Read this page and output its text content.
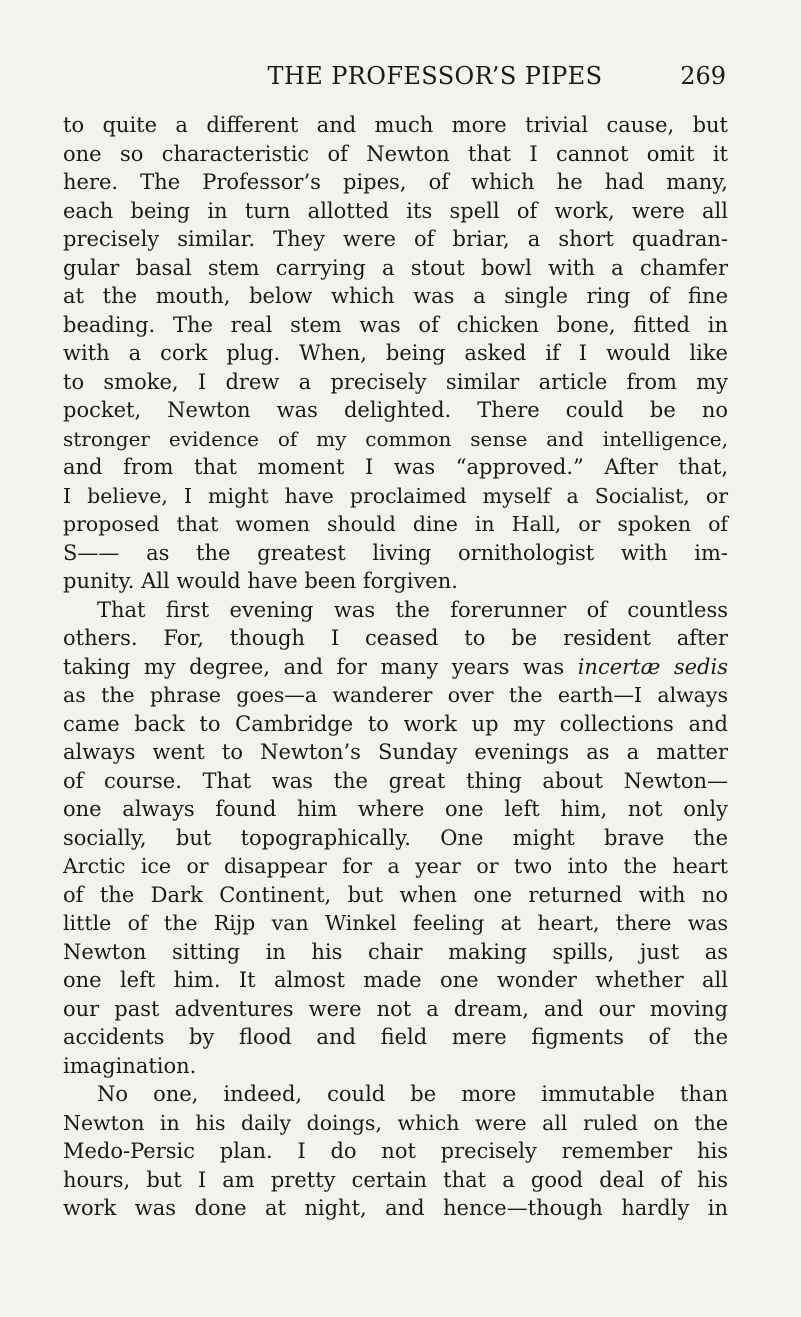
THE PROFESSOR’S PIPES	269
to quite a different and much more trivial cause, but
one so characteristic of Newton that I cannot omit it
here. The Professor’s pipes, of which he had many,
each being in turn allotted its spell of work, were all
precisely similar. They were of briar, a short quadran-
gular basal stem carrying a stout bowl with a chamfer
at the mouth, below which was a single ring of fine
beading. The real stem was of chicken bone, fitted in
with a cork plug. When, being asked if I would like
to smoke, I drew a precisely similar article from my
pocket, Newton was delighted. There could be no
stronger evidence of my common sense and intelligence,
and from that moment I was “approved.” After that,
I believe, I might have proclaimed myself a Socialist, or
proposed that women should dine in Hall, or spoken of
S—— as the greatest living ornithologist with im-
punity. All would have been forgiven.
That first evening was the forerunner of countless
others. For, though I ceased to be resident after
taking my degree, and for many years was incertæ sedis
as the phrase goes—a wanderer over the earth—I always
came back to Cambridge to work up my collections and
always went to Newton’s Sunday evenings as a matter
of course. That was the great thing about Newton—
one always found him where one left him, not only
socially, but topographically. One might brave the
Arctic ice or disappear for a year or two into the heart
of the Dark Continent, but when one returned with no
little of the Rijp van Winkel feeling at heart, there was
Newton sitting in his chair making spills, just as
one left him. It almost made one wonder whether all
our past adventures were not a dream, and our moving
accidents by flood and field mere figments of the
imagination.
No one, indeed, could be more immutable than
Newton in his daily doings, which were all ruled on the
Medo-Persic plan. I do not precisely remember his
hours, but I am pretty certain that a good deal of his
work was done at night, and hence—though hardly in
